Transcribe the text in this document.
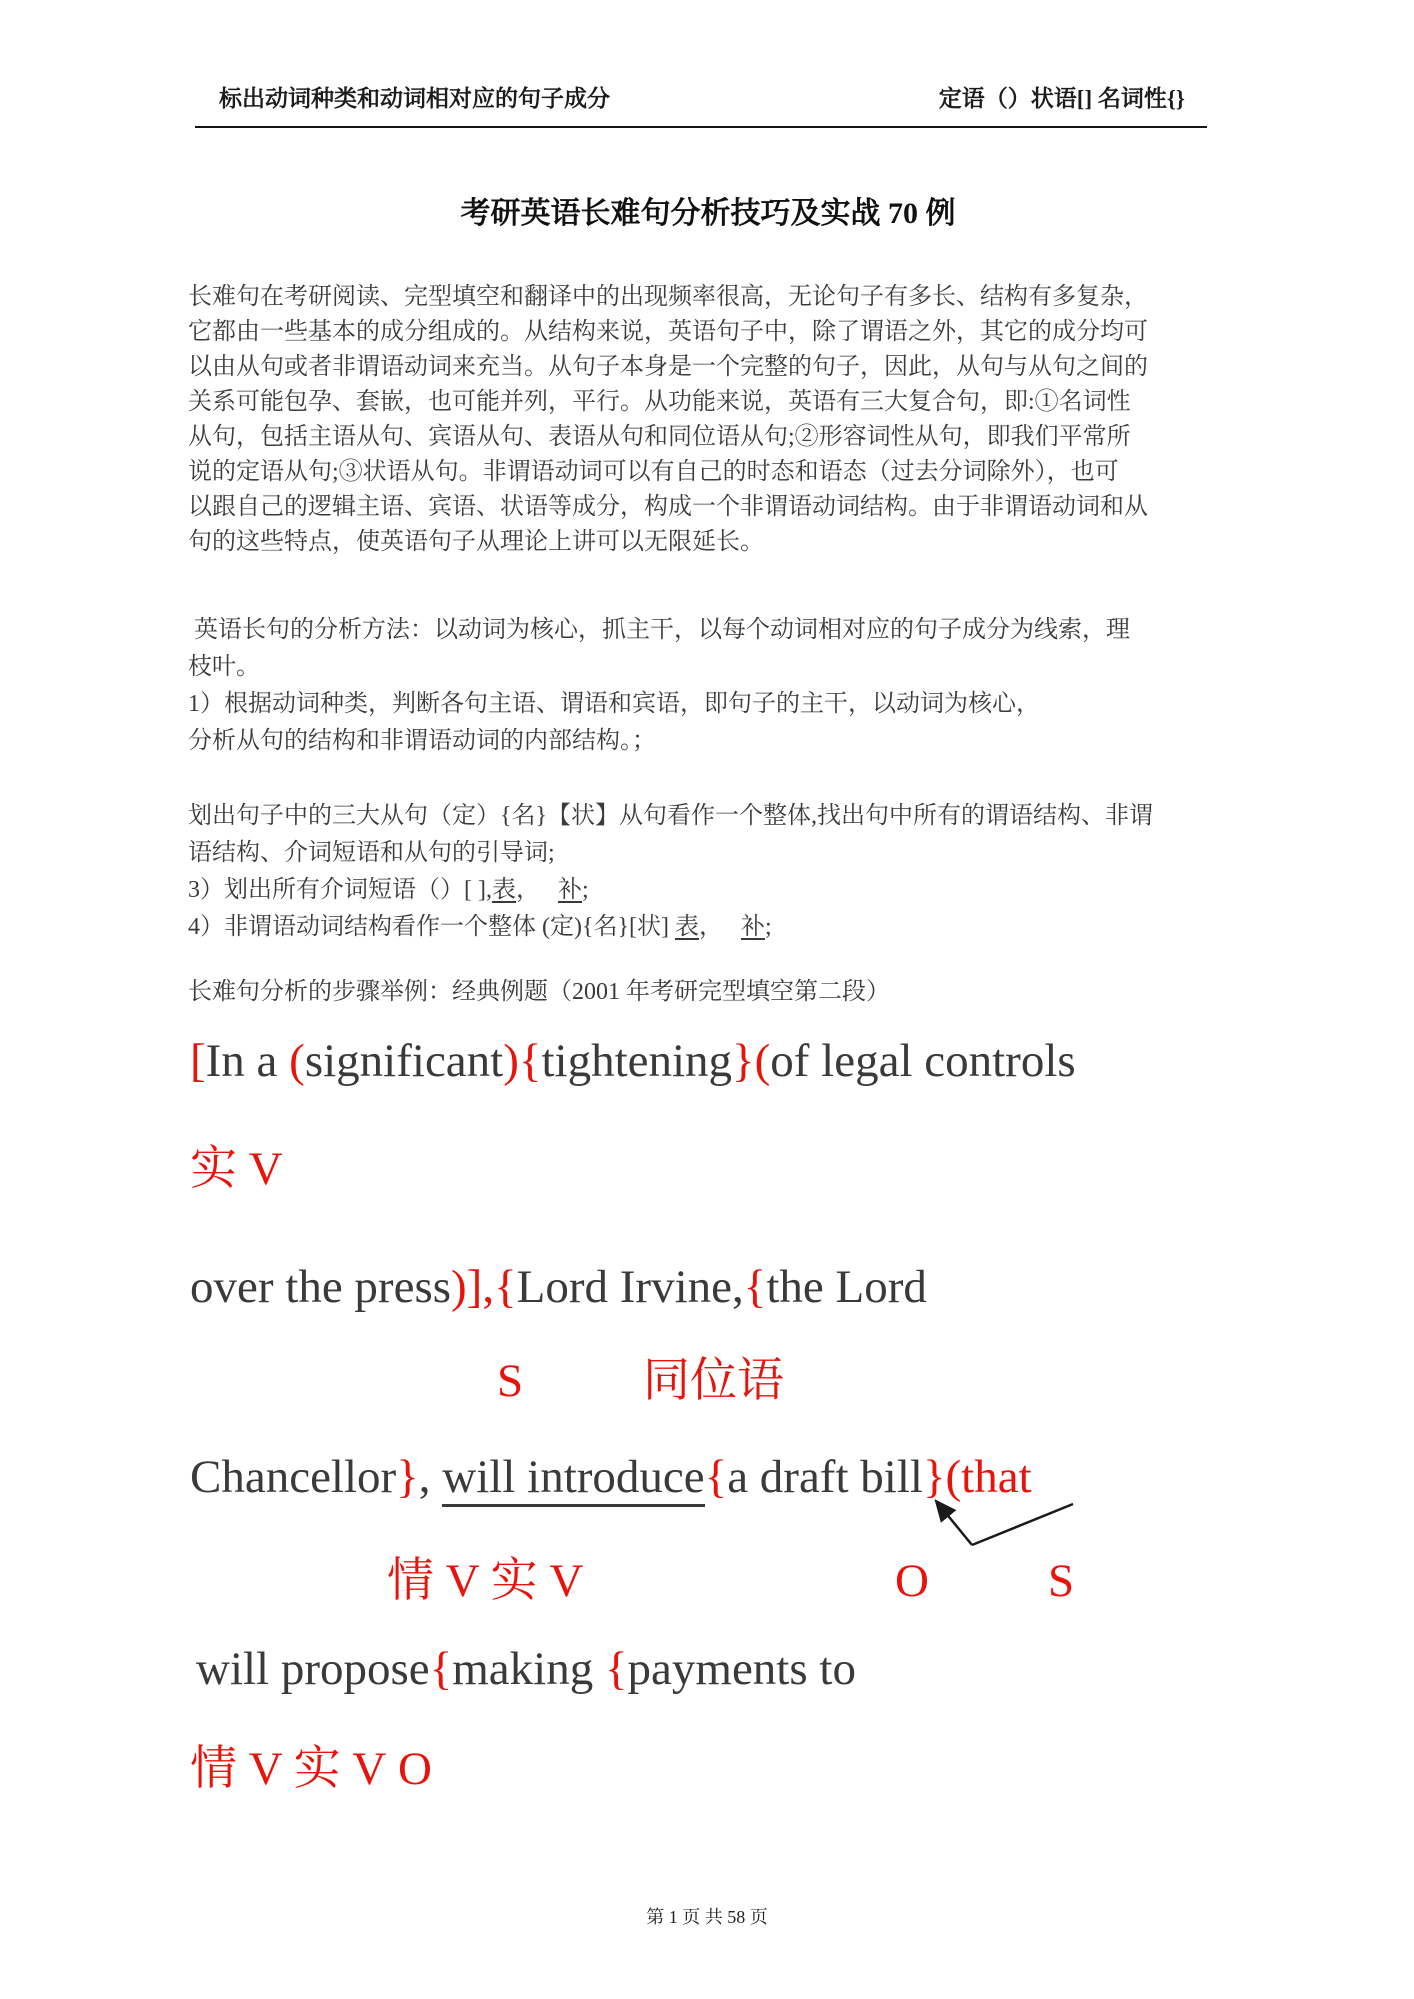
标出动词种类和动词相对应的句子成分	定语（）状语[] 名词性{}
考研英语长难句分析技巧及实战 70 例
长难句在考研阅读、完型填空和翻译中的出现频率很高，无论句子有多长、结构有多复杂，
它都由一些基本的成分组成的。从结构来说，英语句子中，除了谓语之外，其它的成分均可
以由从句或者非谓语动词来充当。从句子本身是一个完整的句子，因此，从句与从句之间的
关系可能包孕、套嵌，也可能并列，平行。从功能来说，英语有三大复合句，即:①名词性
从句，包括主语从句、宾语从句、表语从句和同位语从句;②形容词性从句，即我们平常所
说的定语从句;③状语从句。非谓语动词可以有自己的时态和语态（过去分词除外），也可
以跟自己的逻辑主语、宾语、状语等成分，构成一个非谓语动词结构。由于非谓语动词和从
句的这些特点，使英语句子从理论上讲可以无限延长。
英语长句的分析方法：以动词为核心，抓主干，以每个动词相对应的句子成分为线索，理
枝叶。
1）根据动词种类，判断各句主语、谓语和宾语，即句子的主干，以动词为核心，
分析从句的结构和非谓语动词的内部结构。；
划出句子中的三大从句（定）{名}【状】从句看作一个整体,找出句中所有的谓语结构、非谓
语结构、介词短语和从句的引导词;
3）划出所有介词短语（）[ ],表，   补;
4）非谓语动词结构看作一个整体 (定){名}[状] 表，   补;
长难句分析的步骤举例：经典例题（2001 年考研完型填空第二段）
[In a (significant){tightening}(of legal controls
实 V
over the press)],{Lord Irvine,{the Lord
S	同位语
Chancellor}, will introduce{a draft bill}(that
情 V 实 V	O	S
will propose{making {payments to
情 V 实 V O
第 1 页 共 58 页
